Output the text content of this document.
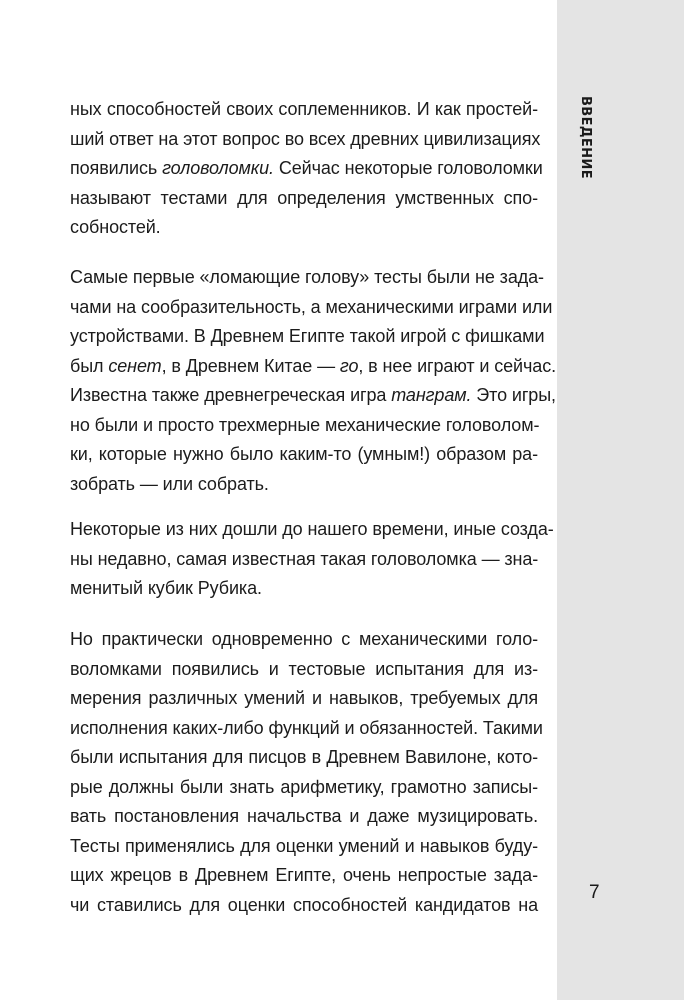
ВВЕДЕНИЕ
7

ных способностей своих соплеменников. И как простей-
ший ответ на этот вопрос во всех древних цивилизациях
появились головоломки. Сейчас некоторые головоломки
называют тестами для определения умственных спо-
собностей.

Самые первые «ломающие голову» тесты были не зада-
чами на сообразительность, а механическими играми или
устройствами. В Древнем Египте такой игрой с фишками
был сенет, в Древнем Китае — го, в нее играют и сейчас.
Известна также древнегреческая игра тангрaм. Это игры,
но были и просто трехмерные механические головолом-
ки, которые нужно было каким-то (умным!) образом ра-
зобрать — или собрать.

Некоторые из них дошли до нашего времени, иные созда-
ны недавно, самая известная такая головоломка — зна-
менитый кубик Рубика.

Но практически одновременно с механическими голо-
воломками появились и тестовые испытания для из-
мерения различных умений и навыков, требуемых для
исполнения каких-либо функций и обязанностей. Такими
были испытания для писцов в Древнем Вавилоне, кото-
рые должны были знать арифметику, грамотно записы-
вать постановления начальства и даже музицировать.
Тесты применялись для оценки умений и навыков буду-
щих жрецов в Древнем Египте, очень непростые зада-
чи ставились для оценки способностей кандидатов на
